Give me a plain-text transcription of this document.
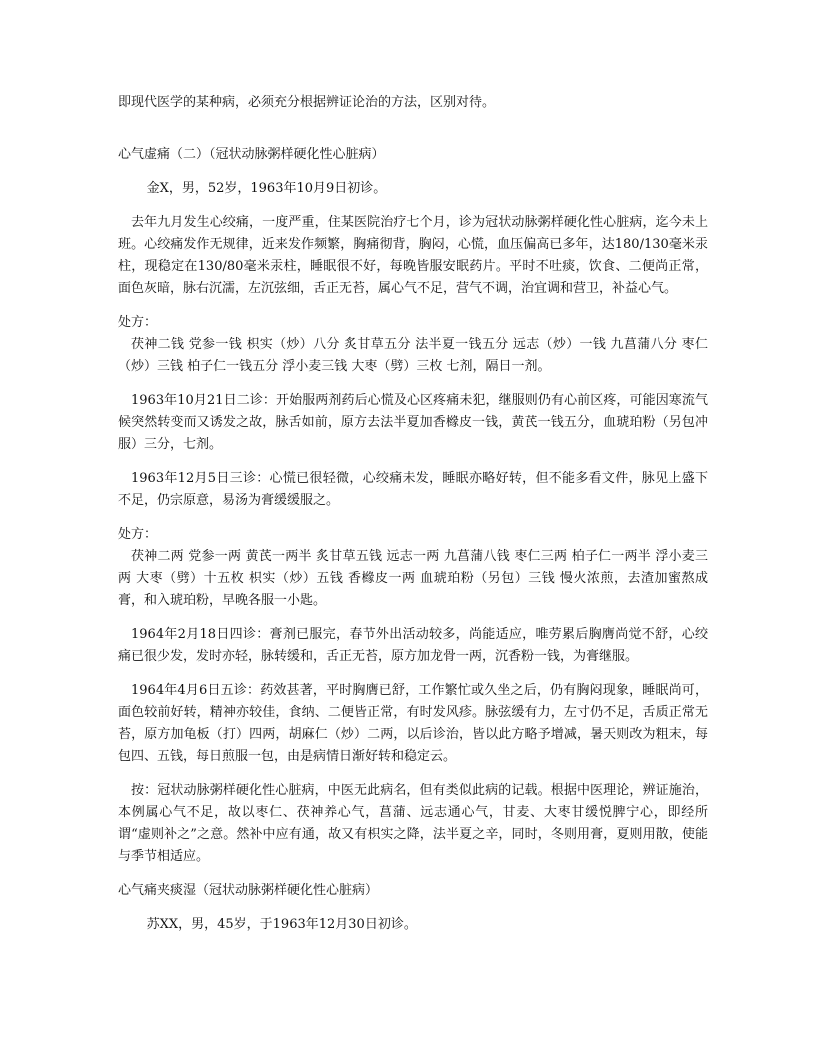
即现代医学的某种病，必须充分根据辨证论治的方法，区别对待。

心气虚痛（二）（冠状动脉粥样硬化性心脏病）

金X，男，52岁，1963年10月9日初诊。

去年九月发生心绞痛，一度严重，住某医院治疗七个月，诊为冠状动脉粥样硬化性心脏病，迄今未上班。心绞痛发作无规律，近来发作频繁，胸痛彻背，胸闷，心慌，血压偏高已多年，达180/130毫米汞柱，现稳定在130/80毫米汞柱，睡眠很不好，每晚皆服安眠药片。平时不吐痰，饮食、二便尚正常，面色灰暗，脉右沉濡，左沉弦细，舌正无苔，属心气不足，营气不调，治宜调和营卫，补益心气。

处方：

茯神二钱 党参一钱 枳实（炒）八分 炙甘草五分 法半夏一钱五分 远志（炒）一钱 九菖蒲八分 枣仁（炒）三钱 柏子仁一钱五分 浮小麦三钱 大枣（劈）三枚 七剂，隔日一剂。

1963年10月21日二诊：开始服两剂药后心慌及心区疼痛未犯，继服则仍有心前区疼，可能因寒流气候突然转变而又诱发之故，脉舌如前，原方去法半夏加香橼皮一钱，黄芪一钱五分，血琥珀粉（另包冲服）三分，七剂。

1963年12月5日三诊：心慌已很轻微，心绞痛未发，睡眠亦略好转，但不能多看文件，脉见上盛下不足，仍宗原意，易汤为膏缓缓服之。

处方：

茯神二两 党参一两 黄芪一两半 炙甘草五钱 远志一两 九菖蒲八钱 枣仁三两 柏子仁一两半 浮小麦三两 大枣（劈）十五枚 枳实（炒）五钱 香橼皮一两 血琥珀粉（另包）三钱 慢火浓煎，去渣加蜜熬成膏，和入琥珀粉，早晚各服一小匙。

1964年2月18日四诊：膏剂已服完，春节外出活动较多，尚能适应，唯劳累后胸膺尚觉不舒，心绞痛已很少发，发时亦轻，脉转缓和，舌正无苔，原方加龙骨一两，沉香粉一钱，为膏继服。

1964年4月6日五诊：药效甚著，平时胸膺已舒，工作繁忙或久坐之后，仍有胸闷现象，睡眠尚可，面色较前好转，精神亦较佳，食纳、二便皆正常，有时发风疹。脉弦缓有力，左寸仍不足，舌质正常无苔，原方加龟板（打）四两，胡麻仁（炒）二两，以后诊治，皆以此方略予增减，暑天则改为粗末，每包四、五钱，每日煎服一包，由是病情日渐好转和稳定云。

按：冠状动脉粥样硬化性心脏病，中医无此病名，但有类似此病的记载。根据中医理论，辨证施治，本例属心气不足，故以枣仁、茯神养心气，菖蒲、远志通心气，甘麦、大枣甘缓悦脾宁心，即经所谓“虚则补之”之意。然补中应有通，故又有枳实之降，法半夏之辛，同时，冬则用膏，夏则用散，使能与季节相适应。

心气痛夹痰湿（冠状动脉粥样硬化性心脏病）

苏XX，男，45岁，于1963年12月30日初诊。
